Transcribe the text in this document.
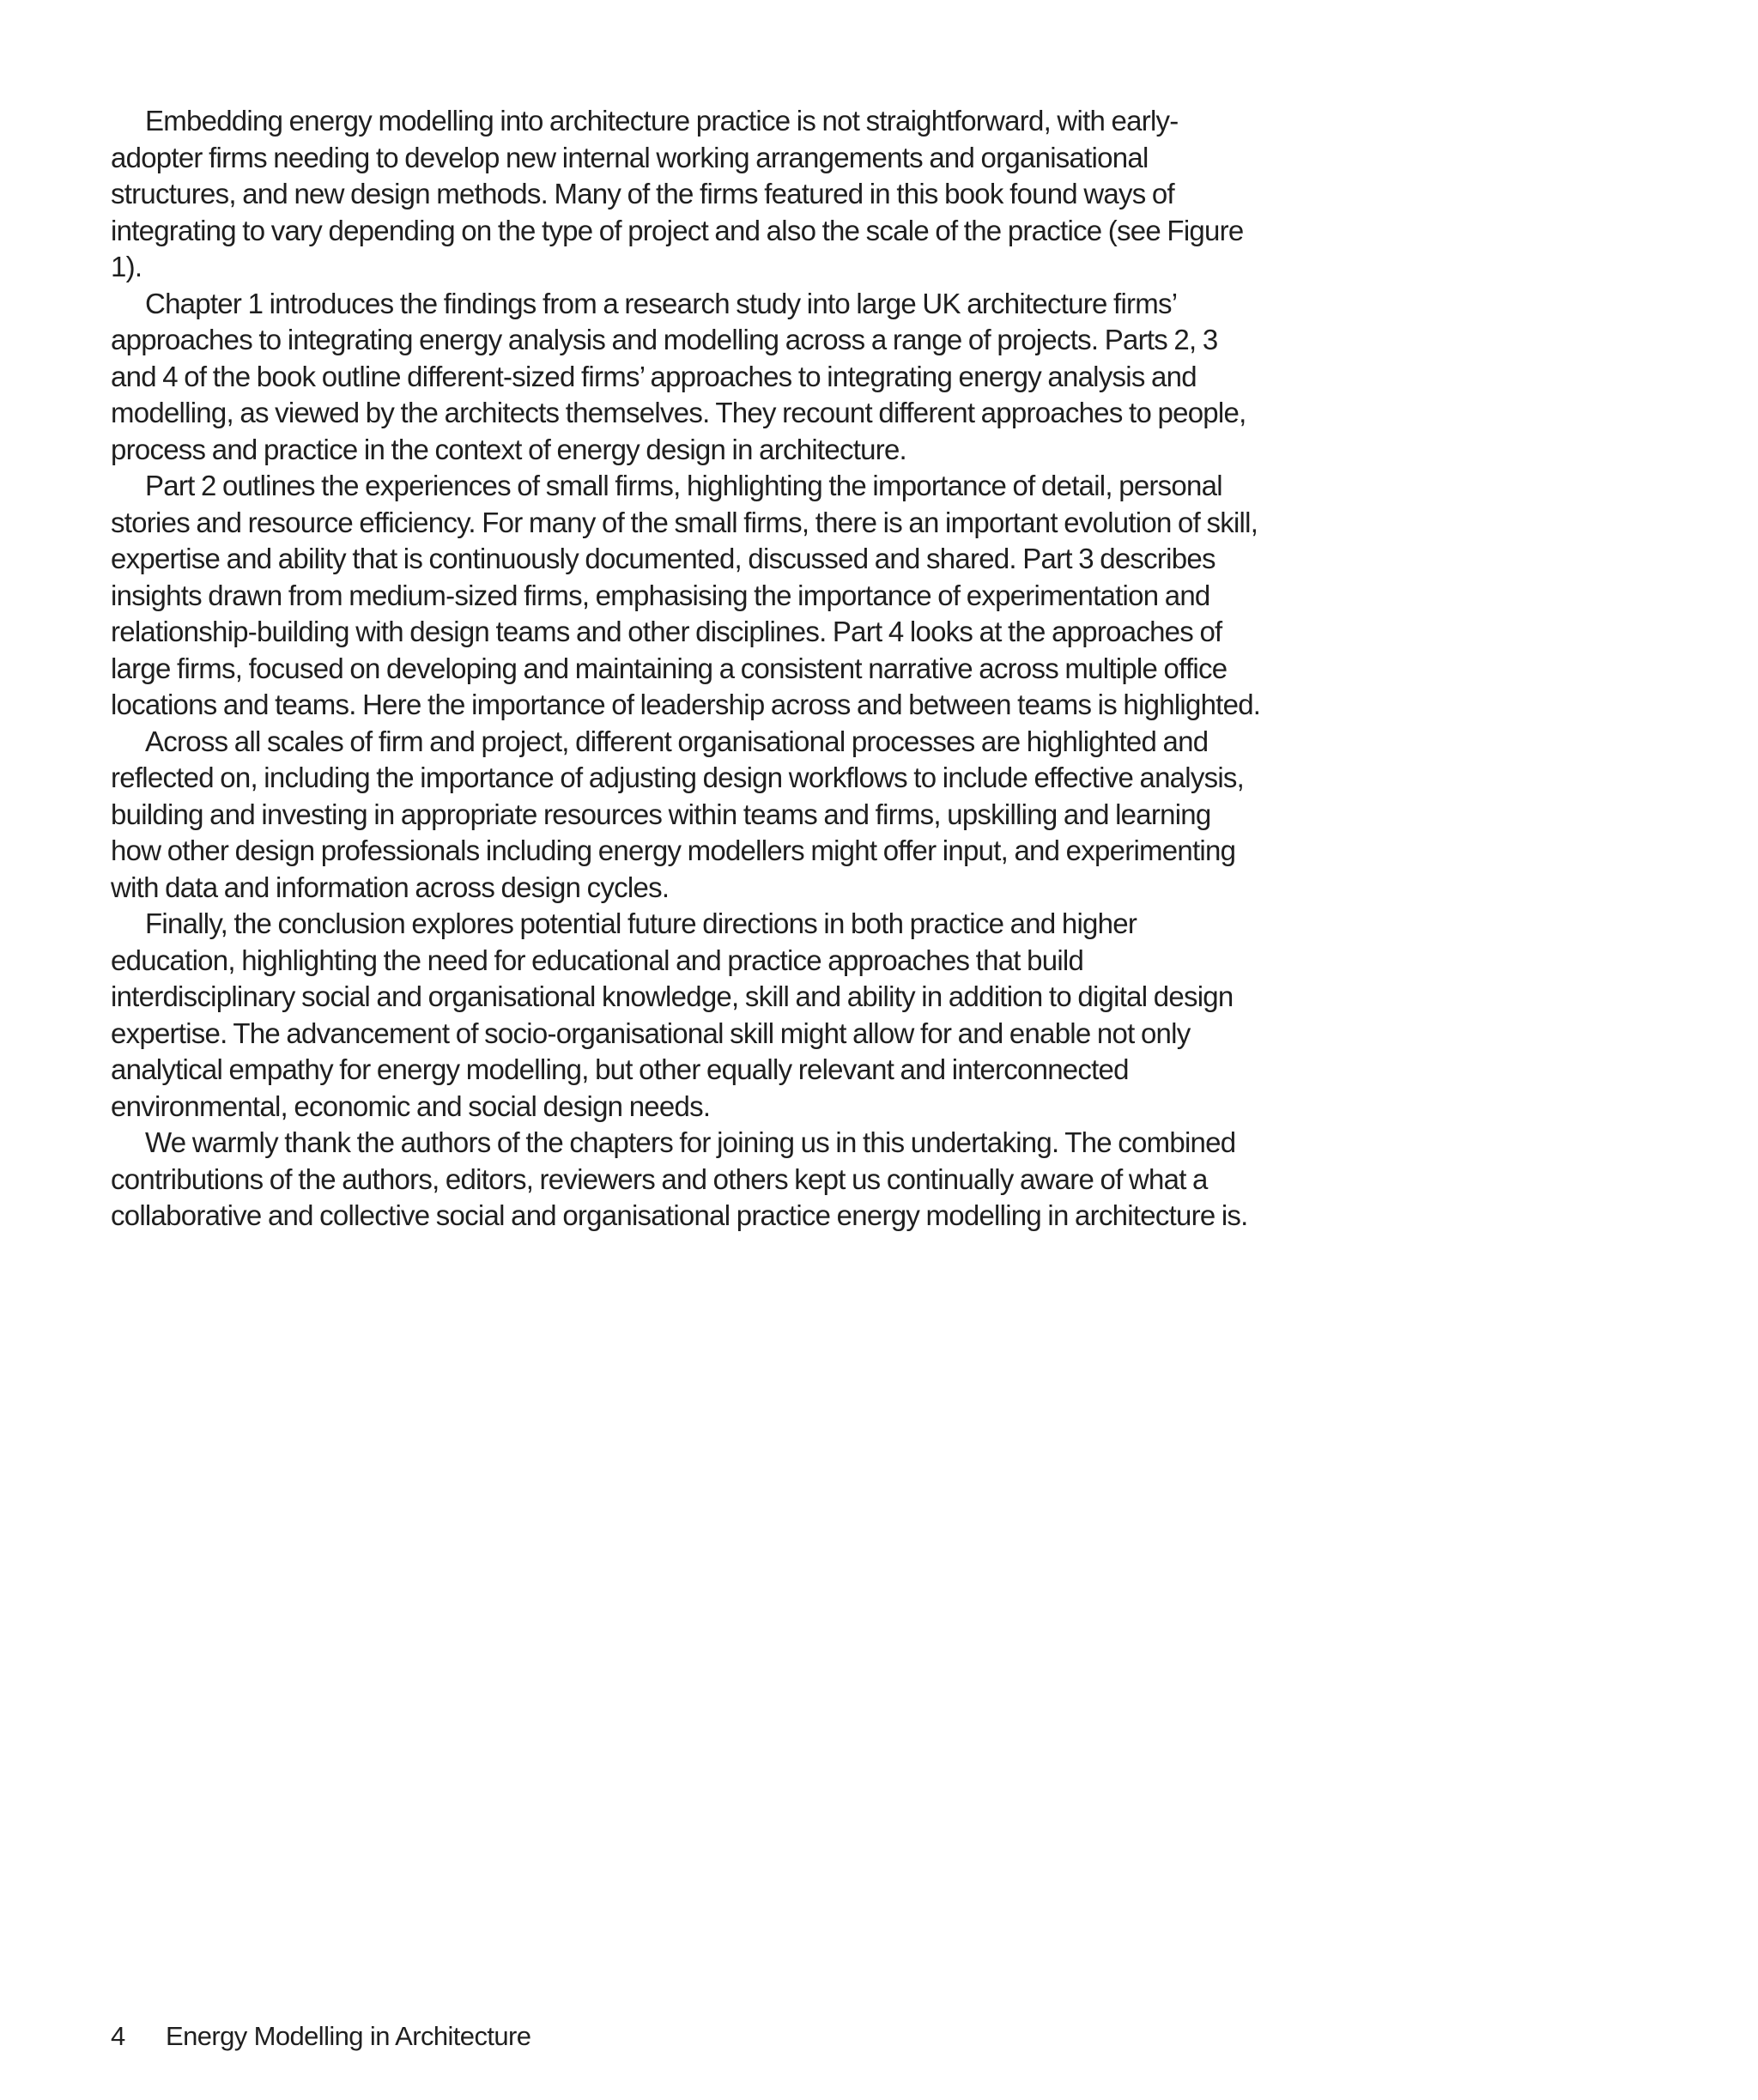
Embedding energy modelling into architecture practice is not straightforward, with early-adopter firms needing to develop new internal working arrangements and organisational structures, and new design methods. Many of the firms featured in this book found ways of integrating to vary depending on the type of project and also the scale of the practice (see Figure 1).

Chapter 1 introduces the findings from a research study into large UK architecture firms’ approaches to integrating energy analysis and modelling across a range of projects. Parts 2, 3 and 4 of the book outline different-sized firms’ approaches to integrating energy analysis and modelling, as viewed by the architects themselves. They recount different approaches to people, process and practice in the context of energy design in architecture.

Part 2 outlines the experiences of small firms, highlighting the importance of detail, personal stories and resource efficiency. For many of the small firms, there is an important evolution of skill, expertise and ability that is continuously documented, discussed and shared. Part 3 describes insights drawn from medium-sized firms, emphasising the importance of experimentation and relationship-building with design teams and other disciplines. Part 4 looks at the approaches of large firms, focused on developing and maintaining a consistent narrative across multiple office locations and teams. Here the importance of leadership across and between teams is highlighted.

Across all scales of firm and project, different organisational processes are highlighted and reflected on, including the importance of adjusting design workflows to include effective analysis, building and investing in appropriate resources within teams and firms, upskilling and learning how other design professionals including energy modellers might offer input, and experimenting with data and information across design cycles.

Finally, the conclusion explores potential future directions in both practice and higher education, highlighting the need for educational and practice approaches that build interdisciplinary social and organisational knowledge, skill and ability in addition to digital design expertise. The advancement of socio-organisational skill might allow for and enable not only analytical empathy for energy modelling, but other equally relevant and interconnected environmental, economic and social design needs.

We warmly thank the authors of the chapters for joining us in this undertaking. The combined contributions of the authors, editors, reviewers and others kept us continually aware of what a collaborative and collective social and organisational practice energy modelling in architecture is.

4 Energy Modelling in Architecture
